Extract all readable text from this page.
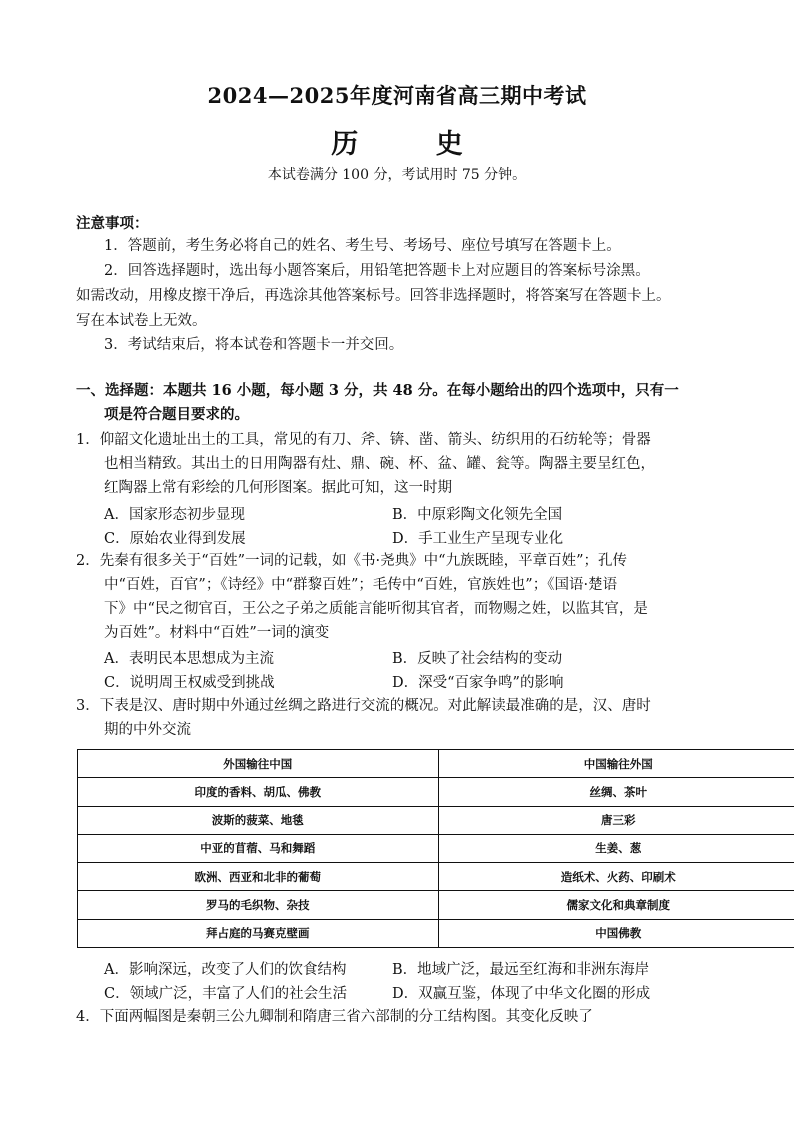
2024—2025年度河南省高三期中考试
历 史
本试卷满分 100 分，考试用时 75 分钟。
注意事项：
1．答题前，考生务必将自己的姓名、考生号、考场号、座位号填写在答题卡上。
2．回答选择题时，选出每小题答案后，用铅笔把答题卡上对应题目的答案标号涂黑。
如需改动，用橡皮擦干净后，再选涂其他答案标号。回答非选择题时，将答案写在答题卡上。
写在本试卷上无效。
3．考试结束后，将本试卷和答题卡一并交回。
一、选择题：本题共 16 小题，每小题 3 分，共 48 分。在每小题给出的四个选项中，只有一
项是符合题目要求的。
1．仰韶文化遗址出土的工具，常见的有刀、斧、锛、凿、箭头、纺织用的石纺轮等；骨器
也相当精致。其出土的日用陶器有灶、鼎、碗、杯、盆、罐、瓮等。陶器主要呈红色，
红陶器上常有彩绘的几何形图案。据此可知，这一时期
A．国家形态初步显现	B．中原彩陶文化领先全国
C．原始农业得到发展	D．手工业生产呈现专业化
2．先秦有很多关于“百姓”一词的记载，如《书·尧典》中“九族既睦，平章百姓”；孔传
中“百姓，百官”；《诗经》中“群黎百姓”；毛传中“百姓，官族姓也”；《国语·楚语
下》中“民之彻官百，王公之子弟之质能言能听彻其官者，而物赐之姓，以监其官，是
为百姓”。材料中“百姓”一词的演变
A．表明民本思想成为主流	B．反映了社会结构的变动
C．说明周王权威受到挑战	D．深受“百家争鸣”的影响
3．下表是汉、唐时期中外通过丝绸之路进行交流的概况。对此解读最准确的是，汉、唐时
期的中外交流
外国输往中国	中国输往外国
印度的香料、胡瓜、佛教	丝绸、茶叶
波斯的菠菜、地毯	唐三彩
中亚的苜蓿、马和舞蹈	生姜、葱
欧洲、西亚和北非的葡萄	造纸术、火药、印刷术
罗马的毛织物、杂技	儒家文化和典章制度
拜占庭的马赛克壁画	中国佛教
A．影响深远，改变了人们的饮食结构	B．地域广泛，最远至红海和非洲东海岸
C．领域广泛，丰富了人们的社会生活	D．双赢互鉴，体现了中华文化圈的形成
4．下面两幅图是秦朝三公九卿制和隋唐三省六部制的分工结构图。其变化反映了
